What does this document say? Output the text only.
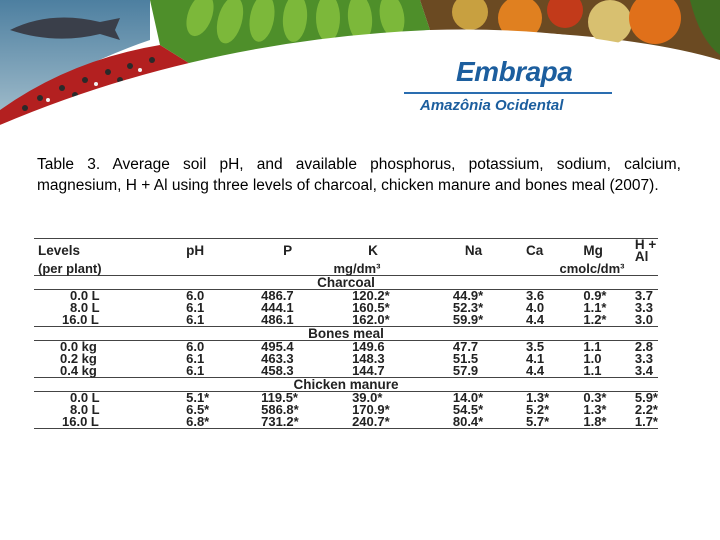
Embrapa
Amazônia Ocidental
Table 3. Average soil pH, and available phosphorus, potassium, sodium, calcium, magnesium, H + Al using three levels of charcoal, chicken manure and bones meal (2007).
Levels	pH	P	K	Na	Ca	Mg	H + Al
(per plant)		mg/dm³			cmolc/dm³		
Charcoal							
0.0 L	6.0	486.7	120.2*	44.9*	3.6	0.9*	3.7
8.0 L	6.1	444.1	160.5*	52.3*	4.0	1.1*	3.3
16.0 L	6.1	486.1	162.0*	59.9*	4.4	1.2*	3.0
Bones meal							
0.0 kg	6.0	495.4	149.6	47.7	3.5	1.1	2.8
0.2 kg	6.1	463.3	148.3	51.5	4.1	1.0	3.3
0.4 kg	6.1	458.3	144.7	57.9	4.4	1.1	3.4
Chicken manure							
0.0 L	5.1*	119.5*	39.0*	14.0*	1.3*	0.3*	5.9*
8.0 L	6.5*	586.8*	170.9*	54.5*	5.2*	1.3*	2.2*
16.0 L	6.8*	731.2*	240.7*	80.4*	5.7*	1.8*	1.7*
